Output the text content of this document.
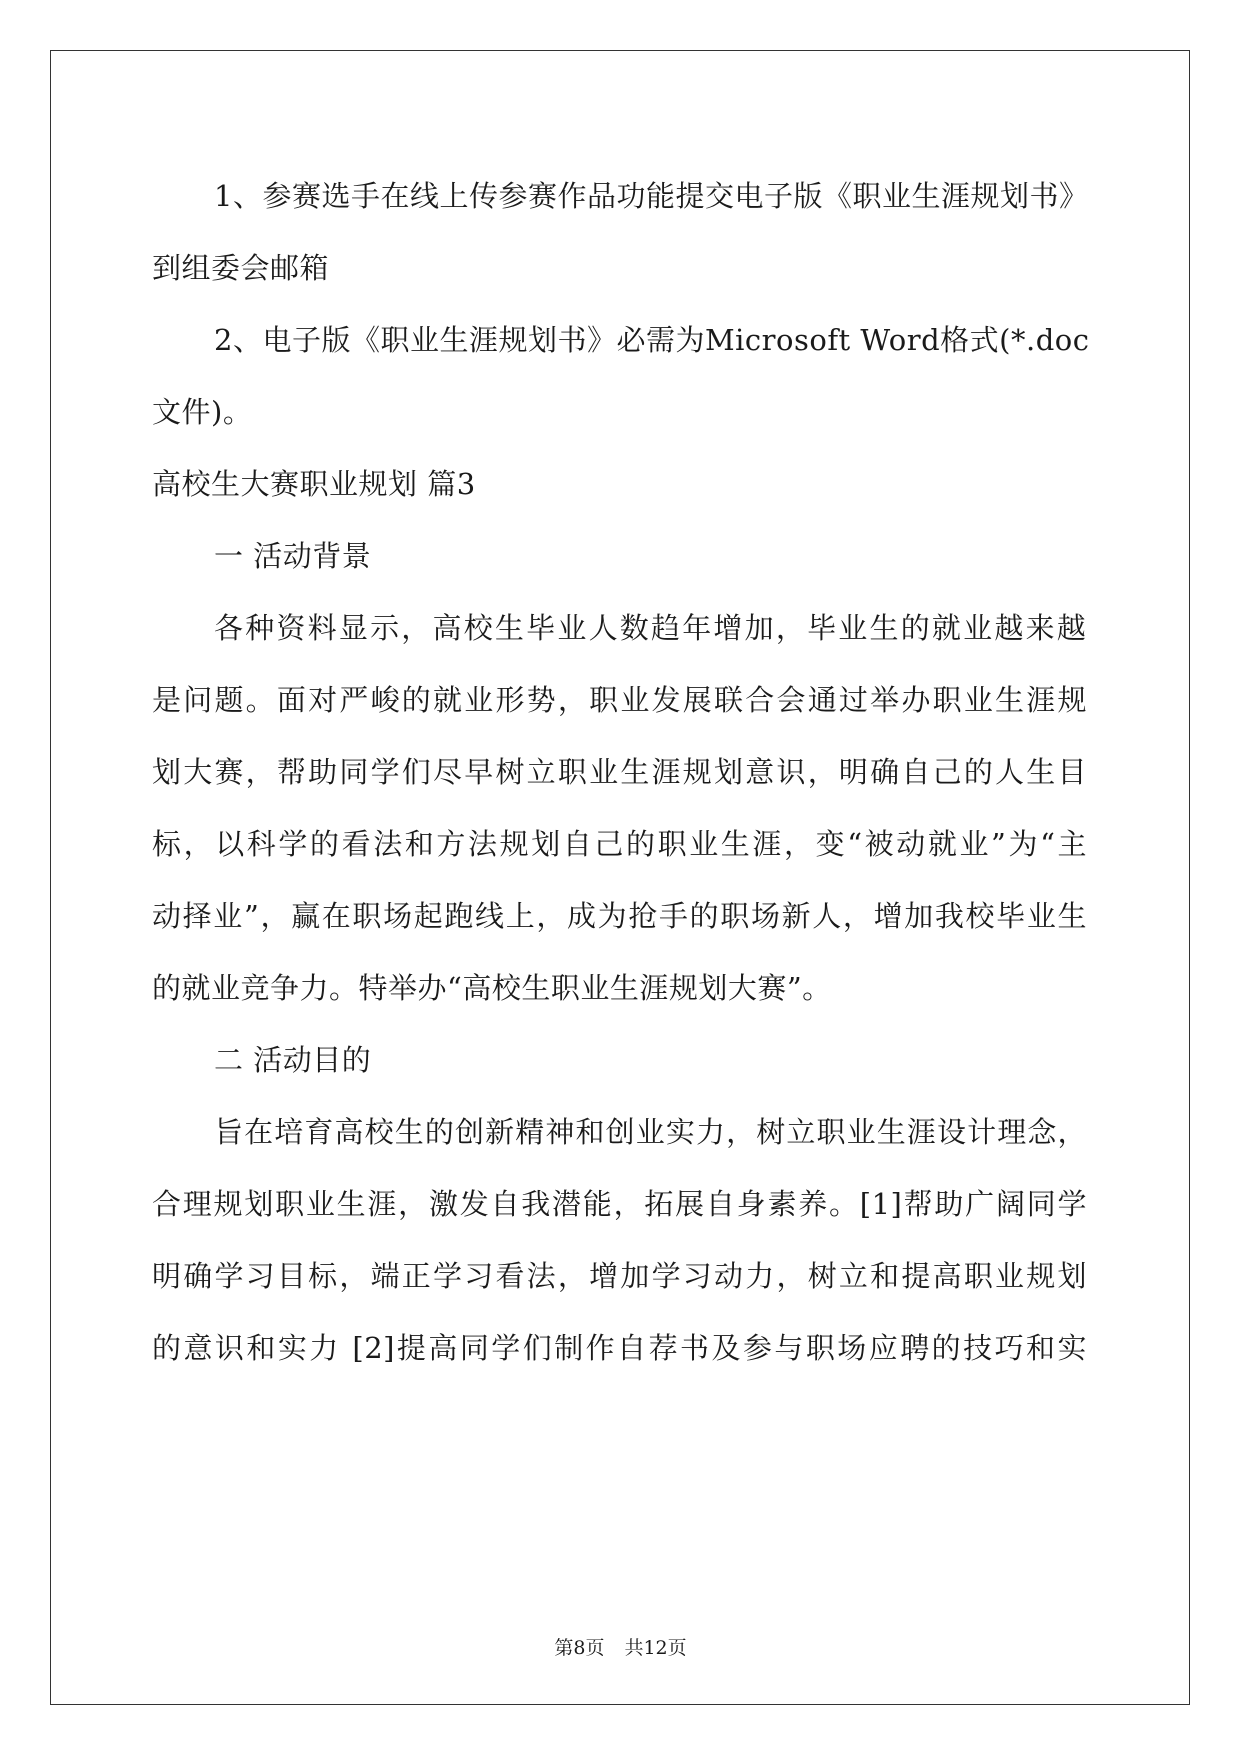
1、参赛选手在线上传参赛作品功能提交电子版《职业生涯规划书》
到组委会邮箱
2、电子版《职业生涯规划书》必需为Microsoft Word格式(*.doc
文件)。
高校生大赛职业规划 篇3
一 活动背景
各种资料显示，高校生毕业人数趋年增加，毕业生的就业越来越
是问题。面对严峻的就业形势，职业发展联合会通过举办职业生涯规
划大赛，帮助同学们尽早树立职业生涯规划意识，明确自己的人生目
标，以科学的看法和方法规划自己的职业生涯，变“被动就业”为“主
动择业”，赢在职场起跑线上，成为抢手的职场新人，增加我校毕业生
的就业竞争力。特举办“高校生职业生涯规划大赛”。
二 活动目的
旨在培育高校生的创新精神和创业实力，树立职业生涯设计理念，
合理规划职业生涯，激发自我潜能，拓展自身素养。[1]帮助广阔同学
明确学习目标，端正学习看法，增加学习动力，树立和提高职业规划
的意识和实力 [2]提高同学们制作自荐书及参与职场应聘的技巧和实
第8页 共12页
